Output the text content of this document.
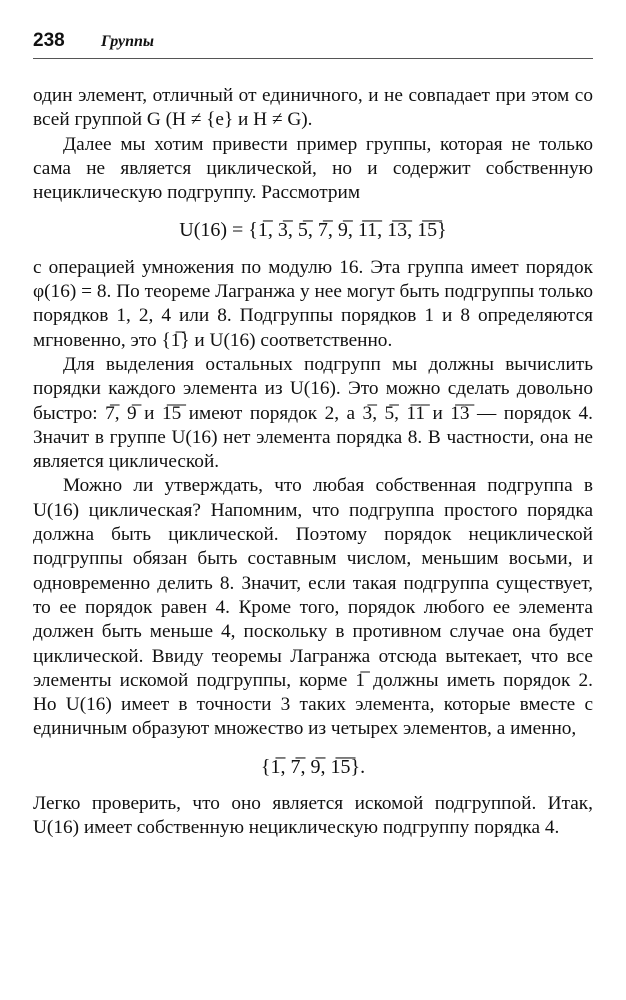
238 Группы

один элемент, отличный от единичного, и не совпадает при этом со всей группой G (H ≠ {e} и H ≠ G).

Далее мы хотим привести пример группы, которая не только сама не является циклической, но и содержит собственную нециклическую подгруппу. Рассмотрим

U(16) = {1̅, 3̅, 5̅, 7̅, 9̅, 1̅1̅, 1̅3̅, 1̅5̅}

с операцией умножения по модулю 16. Эта группа имеет порядок φ(16) = 8. По теореме Лагранжа у нее могут быть подгруппы только порядков 1, 2, 4 или 8. Подгруппы порядков 1 и 8 определяются мгновенно, это {1̅} и U(16) соответственно.

Для выделения остальных подгрупп мы должны вычислить порядки каждого элемента из U(16). Это можно сделать довольно быстро: 7̅, 9̅ и 1̅5̅ имеют порядок 2, а 3̅, 5̅, 1̅1̅ и 1̅3̅ — порядок 4. Значит в группе U(16) нет элемента порядка 8. В частности, она не является циклической.

Можно ли утверждать, что любая собственная подгруппа в U(16) циклическая? Напомним, что подгруппа простого порядка должна быть циклической. Поэтому порядок нециклической подгруппы обязан быть составным числом, меньшим восьми, и одновременно делить 8. Значит, если такая подгруппа существует, то ее порядок равен 4. Кроме того, порядок любого ее элемента должен быть меньше 4, поскольку в противном случае она будет циклической. Ввиду теоремы Лагранжа отсюда вытекает, что все элементы искомой подгруппы, корме 1̅ должны иметь порядок 2. Но U(16) имеет в точности 3 таких элемента, которые вместе с единичным образуют множество из четырех элементов, а именно,

{1̅, 7̅, 9̅, 1̅5̅}.

Легко проверить, что оно является искомой подгруппой. Итак, U(16) имеет собственную нециклическую подгруппу порядка 4.
